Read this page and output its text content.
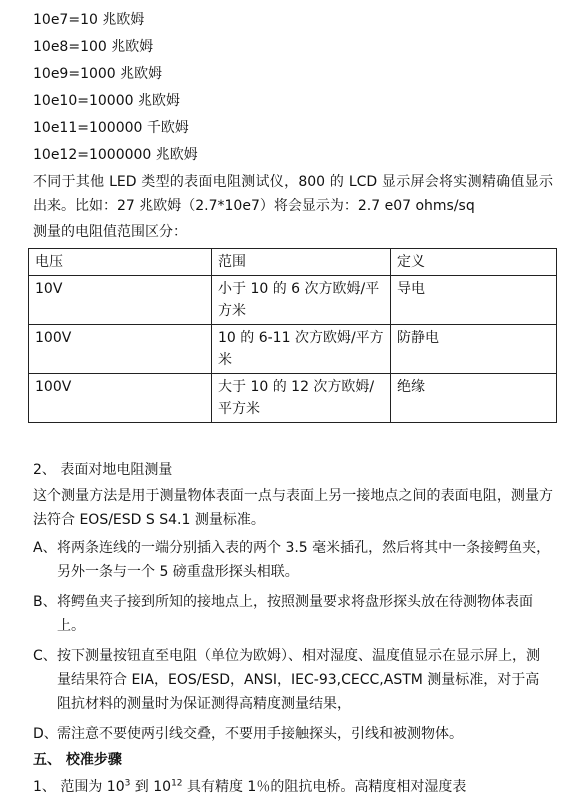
10e7=10 兆欧姆
10e8=100 兆欧姆
10e9=1000 兆欧姆
10e10=10000 兆欧姆
10e11=100000 千欧姆
10e12=1000000 兆欧姆
不同于其他 LED 类型的表面电阻测试仪，800 的 LCD 显示屏会将实测精确值显示出来。比如：27 兆欧姆（2.7*10e7）将会显示为：2.7 e07 ohms/sq
测量的电阻值范围区分：
电压	范围	定义
10V	小于 10 的 6 次方欧姆/平方米	导电
100V	10 的 6-11 次方欧姆/平方米	防静电
100V	大于 10 的 12 次方欧姆/平方米	绝缘
2、 表面对地电阻测量
这个测量方法是用于测量物体表面一点与表面上另一接地点之间的表面电阻，测量方法符合 EOS/ESD S S4.1 测量标准。
A、 将两条连线的一端分别插入表的两个 3.5 毫米插孔，然后将其中一条接鳄鱼夹，另外一条与一个 5 磅重盘形探头相联。
B、 将鳄鱼夹子接到所知的接地点上，按照测量要求将盘形探头放在待测物体表面上。
C、 按下测量按钮直至电阻（单位为欧姆）、相对湿度、温度值显示在显示屏上，测量结果符合 EIA，EOS/ESD，ANSI，IEC-93,CECC,ASTM 测量标准，对于高阻抗材料的测量时为保证测得高精度测量结果，
D、 需注意不要使两引线交叠，不要用手接触探头，引线和被测物体。
五、 校准步骤
1、 范围为 $10^3$ 到 $10^{12}$ 具有精度 1％的阻抗电桥。高精度相对湿度表
